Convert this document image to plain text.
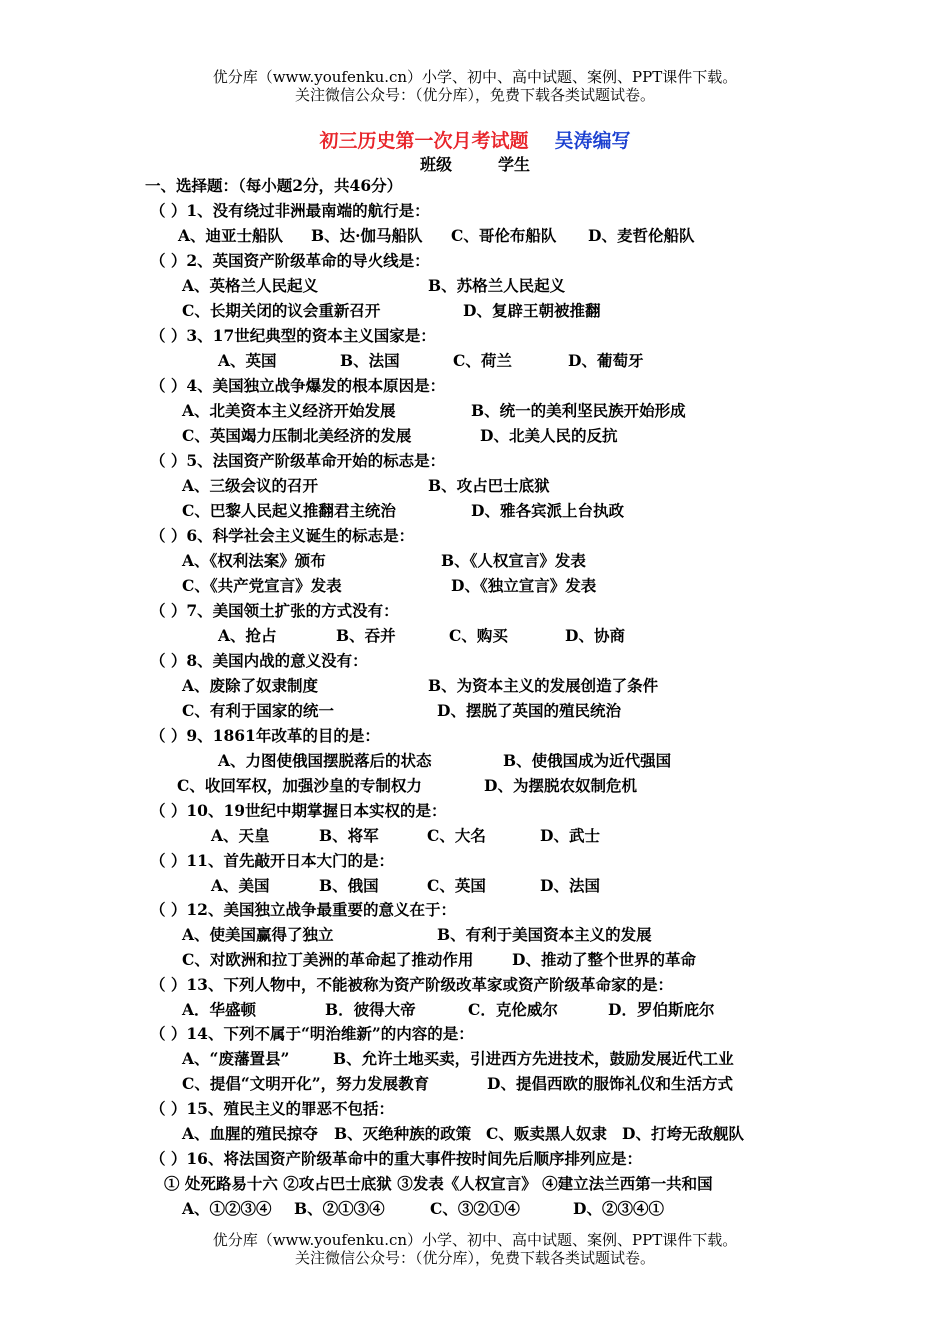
优分库（www.youfenku.cn）小学、初中、高中试题、案例、PPT课件下载。
关注微信公众号：（优分库），免费下载各类试题试卷。
初三历史第一次月考试题 吴涛编写
班级	学生
一、选择题：（每小题2分，共46分）
（ ）1、没有绕过非洲最南端的航行是：
A、迪亚士船队 B、达·伽马船队 C、哥伦布船队 D、麦哲伦船队
（ ）2、英国资产阶级革命的导火线是：
A、英格兰人民起义	B、苏格兰人民起义
C、长期关闭的议会重新召开	D、复辟王朝被推翻
（ ）3、17世纪典型的资本主义国家是：
A、英国	B、法国	C、荷兰	D、葡萄牙
（ ）4、美国独立战争爆发的根本原因是：
A、北美资本主义经济开始发展	B、统一的美利坚民族开始形成
C、英国竭力压制北美经济的发展	D、北美人民的反抗
（ ）5、法国资产阶级革命开始的标志是：
A、三级会议的召开	B、攻占巴士底狱
C、巴黎人民起义推翻君主统治	D、雅各宾派上台执政
（ ）6、科学社会主义诞生的标志是：
A、《权利法案》颁布	B、《人权宣言》发表
C、《共产党宣言》发表	D、《独立宣言》发表
（ ）7、美国领土扩张的方式没有：
A、抢占	B、吞并	C、购买	D、协商
（ ）8、美国内战的意义没有：
A、废除了奴隶制度	B、为资本主义的发展创造了条件
C、有利于国家的统一	D、摆脱了英国的殖民统治
（ ）9、1861年改革的目的是：
A、力图使俄国摆脱落后的状态	B、使俄国成为近代强国
C、收回军权，加强沙皇的专制权力	D、为摆脱农奴制危机
（ ）10、19世纪中期掌握日本实权的是：
A、天皇	B、将军	C、大名	D、武士
（ ）11、首先敲开日本大门的是：
A、美国	B、俄国	C、英国	D、法国
（ ）12、美国独立战争最重要的意义在于：
A、使美国赢得了独立	B、有利于美国资本主义的发展
C、对欧洲和拉丁美洲的革命起了推动作用 D、推动了整个世界的革命
（ ）13、下列人物中，不能被称为资产阶级改革家或资产阶级革命家的是：
A．华盛顿	B．彼得大帝	C．克伦威尔	D．罗伯斯庇尔
（ ）14、下列不属于“明治维新”的内容的是：
A、“废藩置县”	B、允许土地买卖，引进西方先进技术，鼓励发展近代工业
C、提倡“文明开化”，努力发展教育	D、提倡西欧的服饰礼仪和生活方式
（ ）15、殖民主义的罪恶不包括：
A、血腥的殖民掠夺 B、灭绝种族的政策 C、贩卖黑人奴隶 D、打垮无敌舰队
（ ）16、将法国资产阶级革命中的重大事件按时间先后顺序排列应是：
① 处死路易十六 ②攻占巴士底狱 ③发表《人权宣言》 ④建立法兰西第一共和国
A、①②③④ B、②①③④	C、③②①④	D、②③④①
优分库（www.youfenku.cn）小学、初中、高中试题、案例、PPT课件下载。
关注微信公众号：（优分库），免费下载各类试题试卷。
